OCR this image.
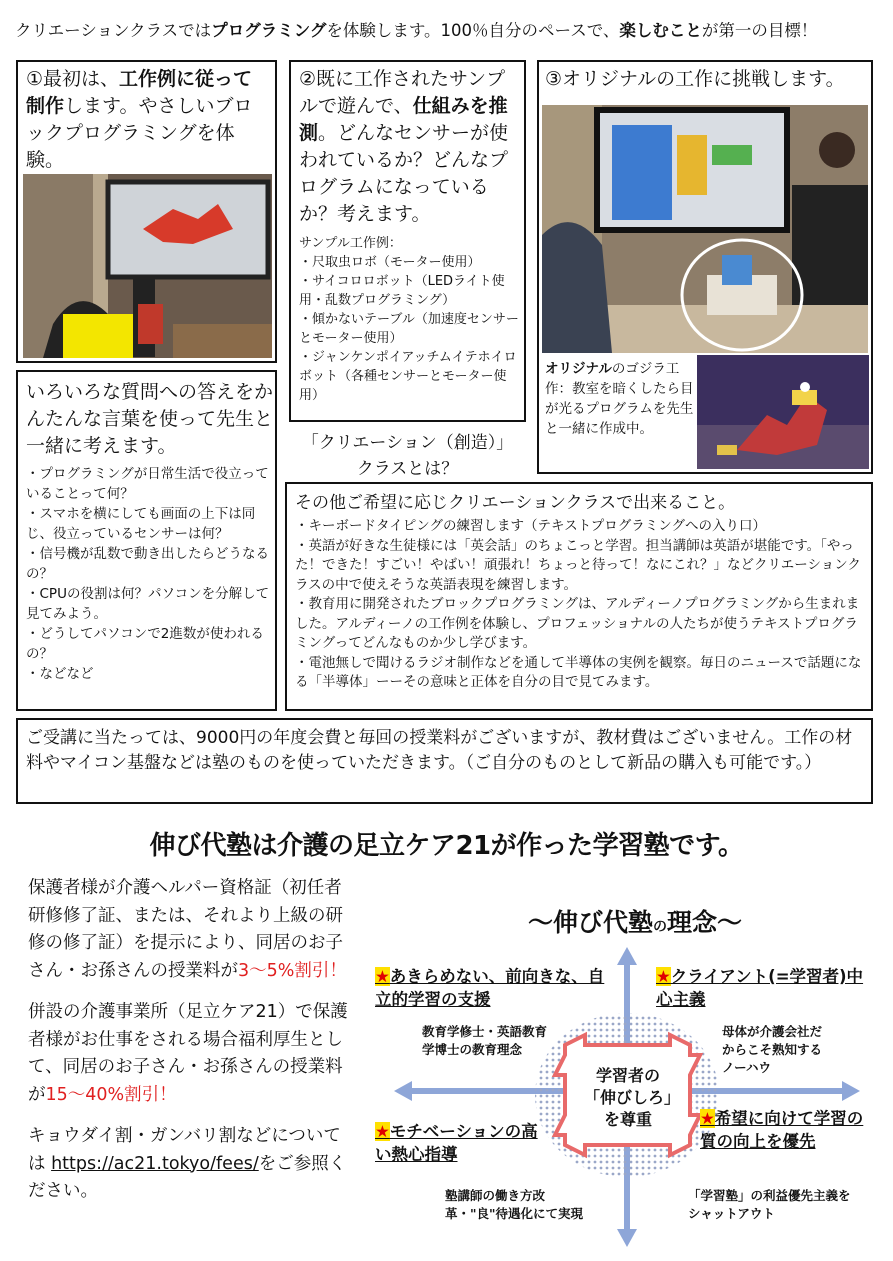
クリエーションクラスではプログラミングを体験します。100％自分のペースで、楽しむことが第一の目標！
①最初は、工作例に従って制作します。やさしいブロックプログラミングを体験。
②既に工作されたサンプルで遊んで、仕組みを推測。どんなセンサーが使われているか？どんなプログラムになっているか？考えます。
サンプル工作例：
・尺取虫ロボ（モーター使用）
・サイコロロボット（LEDライト使用・乱数プログラミング）
・傾かないテーブル（加速度センサーとモーター使用）
・ジャンケンポイアッチムイテホイロボット（各種センサーとモーター使用）
③オリジナルの工作に挑戦します。
オリジナルのゴジラ工作：教室を暗くしたら目が光るプログラムを先生と一緒に作成中。
いろいろな質問への答えをかんたんな言葉を使って先生と一緒に考えます。
・プログラミングが日常生活で役立っていることって何？
・スマホを横にしても画面の上下は同じ、役立っているセンサーは何？
・信号機が乱数で動き出したらどうなるの？
・CPUの役割は何？パソコンを分解して見てみよう。
・どうしてパソコンで2進数が使われるの？
・などなど
「クリエーション（創造）」
クラスとは？
その他ご希望に応じクリエーションクラスで出来ること。
・キーボードタイピングの練習します（テキストプログラミングへの入り口）
・英語が好きな生徒様には「英会話」のちょこっと学習。担当講師は英語が堪能です。「やった！できた！すごい！やばい！頑張れ！ちょっと待って！なにこれ？」などクリエーションクラスの中で使えそうな英語表現を練習します。
・教育用に開発されたブロックプログラミングは、アルディーノプログラミングから生まれました。アルディーノの工作例を体験し、プロフェッショナルの人たちが使うテキストプログラミングってどんなものか少し学びます。
・電池無しで聞けるラジオ制作などを通して半導体の実例を観察。毎日のニュースで話題になる「半導体」ーーその意味と正体を自分の目で見てみます。
ご受講に当たっては、9000円の年度会費と毎回の授業料がございますが、教材費はございません。工作の材料やマイコン基盤などは塾のものを使っていただきます。（ご自分のものとして新品の購入も可能です。）
伸び代塾は介護の足立ケア21が作った学習塾です。
保護者様が介護ヘルパー資格証（初任者研修修了証、または、それより上級の研修の修了証）を提示により、同居のお子さん・お孫さんの授業料が3～5%割引！
併設の介護事業所（足立ケア21）で保護者様がお仕事をされる場合福利厚生として、同居のお子さん・お孫さんの授業料が15～40%割引！
キョウダイ割・ガンバリ割などについては https://ac21.tokyo/fees/をご参照ください。
～伸び代塾の理念～
★あきらめない、前向きな、自立的学習の支援
★クライアント(=学習者)中心主義
★モチベーションの高い熱心指導
★希望に向けて学習の質の向上を優先
教育学修士・英語教育学博士の教育理念
母体が介護会社だからこそ熟知するノーハウ
塾講師の働き方改革・"良"待遇化にて実現
「学習塾」の利益優先主義をシャットアウト
学習者の「伸びしろ」を尊重
